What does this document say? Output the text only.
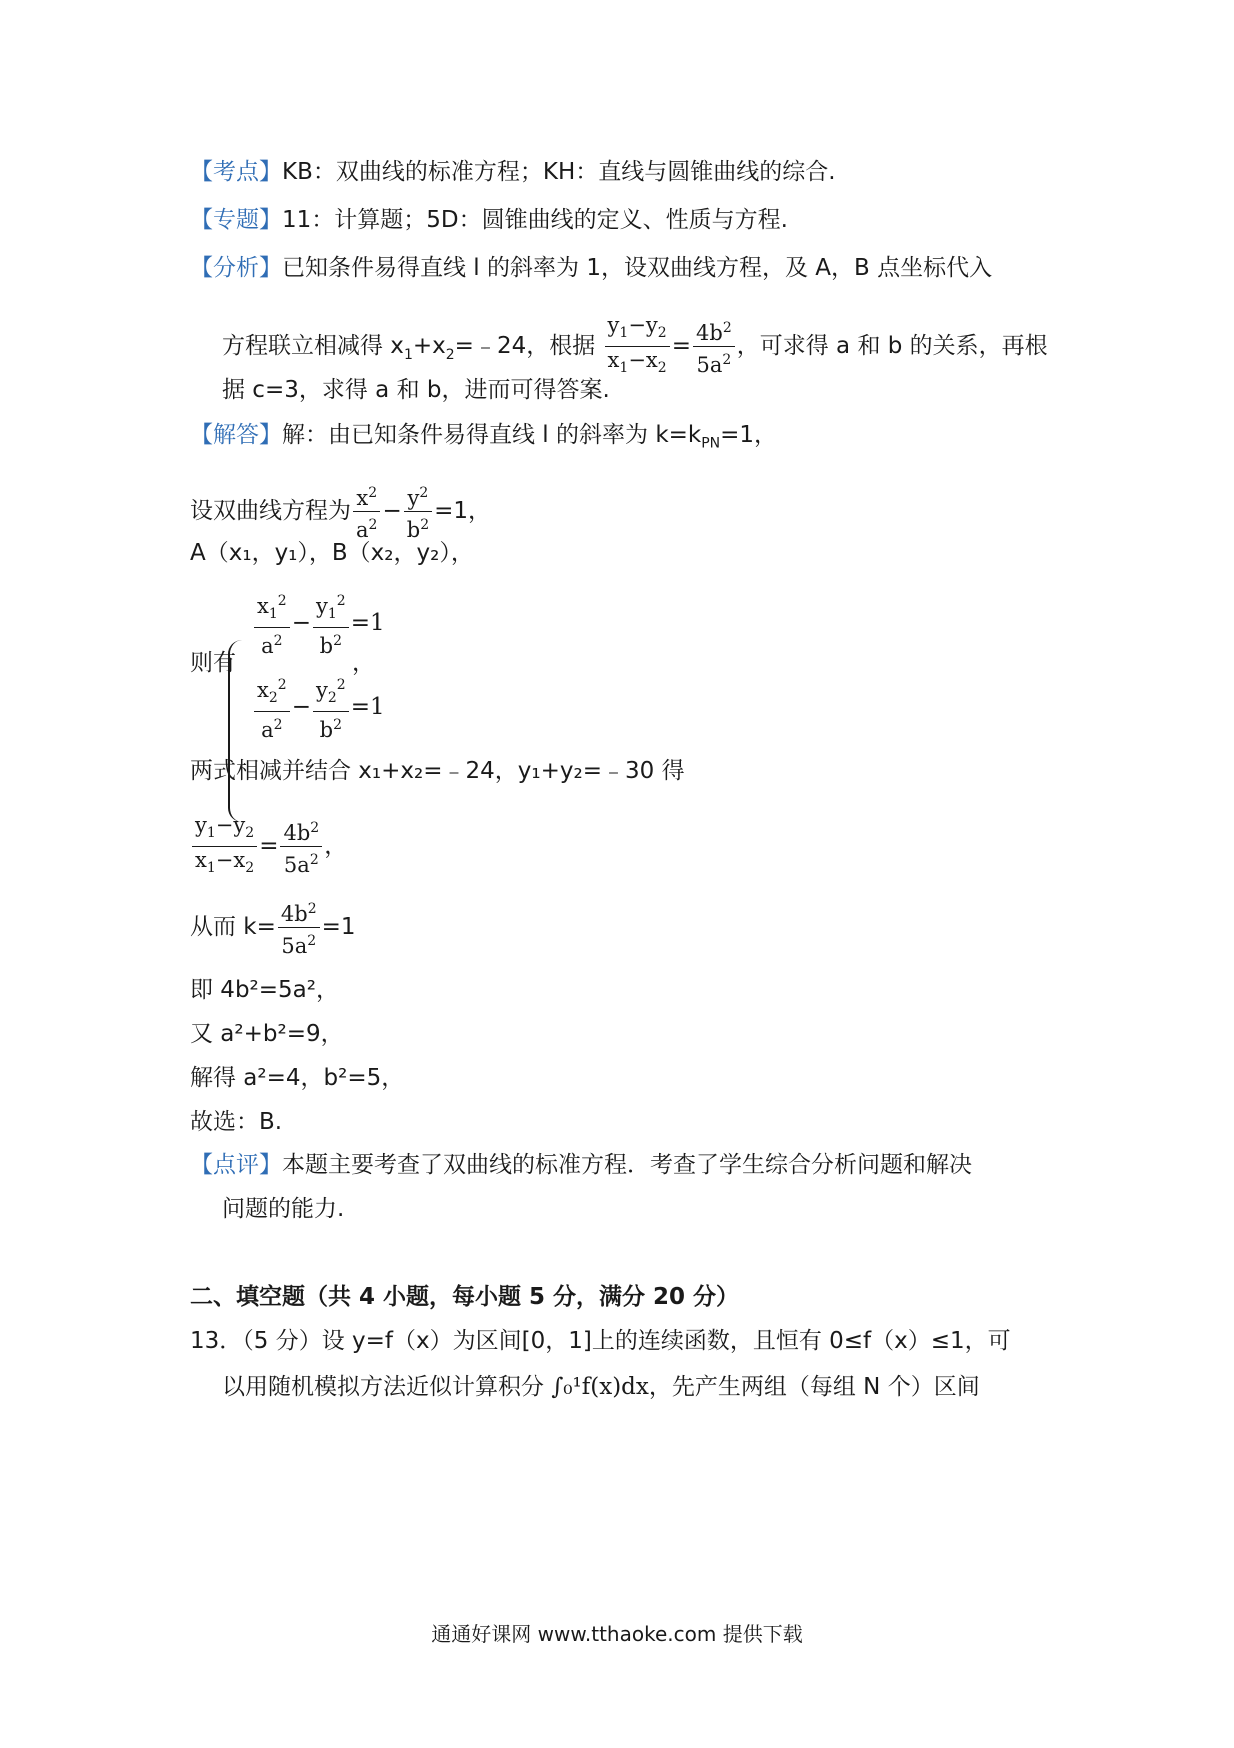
【考点】KB：双曲线的标准方程；KH：直线与圆锥曲线的综合.
【专题】11：计算题；5D：圆锥曲线的定义、性质与方程.
【分析】已知条件易得直线 l 的斜率为 1，设双曲线方程，及 A，B 点坐标代入
方程联立相减得 $x_1+x_2=﹣24$，根据 $\frac{y_1-y_2}{x_1-x_2} = \frac{4b^2}{5a^2}$ ，可求得 a 和 b 的关系，再根
据 c=3，求得 a 和 b，进而可得答案.
【解答】解：由已知条件易得直线 l 的斜率为 $k=k_{PN}=1$，
设双曲线方程为 $\frac{x^2}{a^2} - \frac{y^2}{b^2} =1$，
A（x₁，y₁），B（x₂，y₂），
则有
$\frac{x_1^2}{a^2} - \frac{y_1^2}{b^2} =1$
，
$\frac{x_2^2}{a^2} - \frac{y_2^2}{b^2} =1$
两式相减并结合 x₁+x₂=﹣24，y₁+y₂=﹣30 得
$\frac{y_1-y_2}{x_1-x_2} = \frac{4b^2}{5a^2}$ ，
从而 $k= \frac{4b^2}{5a^2} =1$
即 4b²=5a²，
又 a²+b²=9，
解得 a²=4，b²=5，
故选：B.
【点评】本题主要考查了双曲线的标准方程．考查了学生综合分析问题和解决
问题的能力.
二、填空题（共 4 小题，每小题 5 分，满分 20 分）
13．（5 分）设 y=f（x）为区间[0，1]上的连续函数，且恒有 0≤f（x）≤1，可
以用随机模拟方法近似计算积分 ∫₀¹f(x)dx，先产生两组（每组 N 个）区间
通通好课网 www.tthaoke.com 提供下载
